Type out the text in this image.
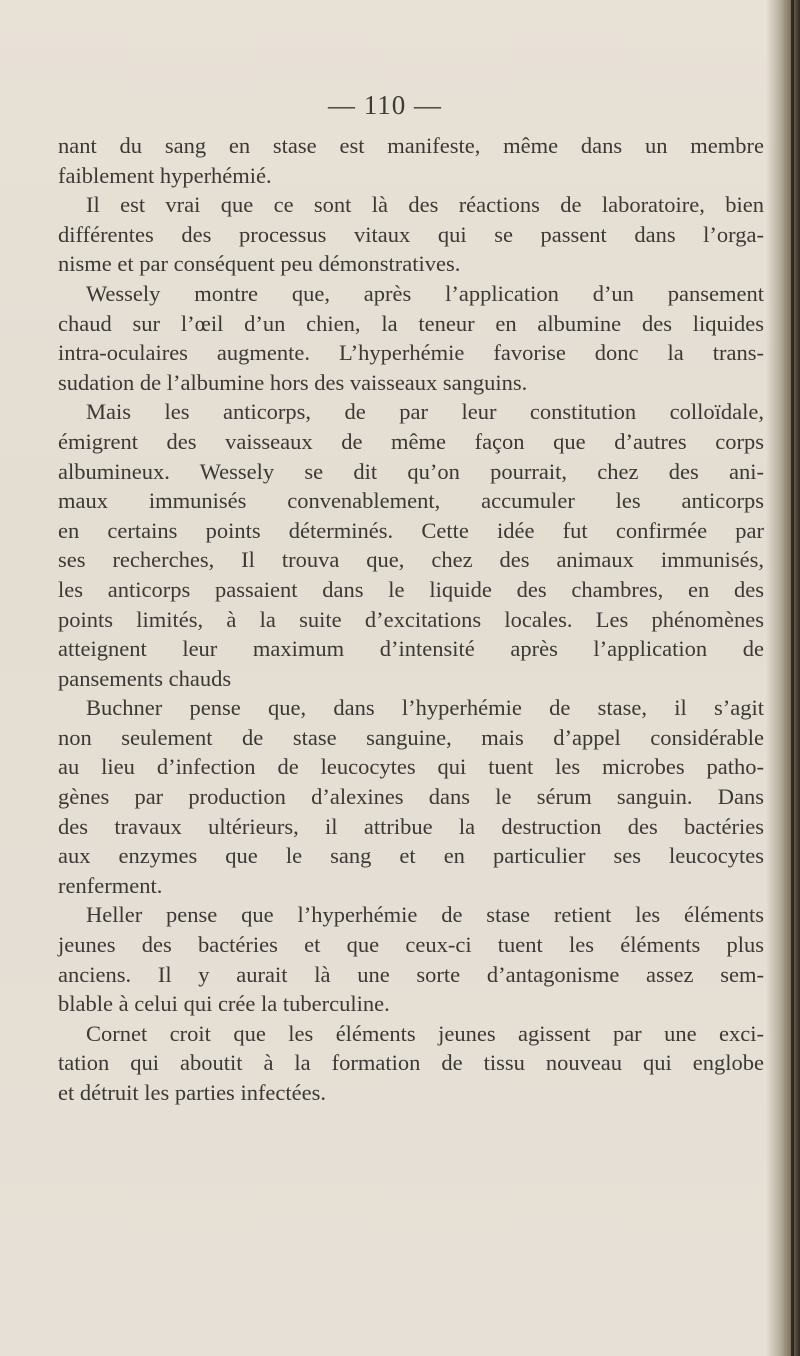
— 110 —
nant du sang en stase est manifeste, même dans un membre
faiblement hyperhémié.
Il est vrai que ce sont là des réactions de laboratoire, bien
différentes des processus vitaux qui se passent dans l’orga-
nisme et par conséquent peu démonstratives.
Wessely montre que, après l’application d’un pansement
chaud sur l’œil d’un chien, la teneur en albumine des liquides
intra-oculaires augmente. L’hyperhémie favorise donc la trans-
sudation de l’albumine hors des vaisseaux sanguins.
Mais les anticorps, de par leur constitution colloïdale,
émigrent des vaisseaux de même façon que d’autres corps
albumineux. Wessely se dit qu’on pourrait, chez des ani-
maux immunisés convenablement, accumuler les anticorps
en certains points déterminés. Cette idée fut confirmée par
ses recherches, Il trouva que, chez des animaux immunisés,
les anticorps passaient dans le liquide des chambres, en des
points limités, à la suite d’excitations locales. Les phénomènes
atteignent leur maximum d’intensité après l’application de
pansements chauds
Buchner pense que, dans l’hyperhémie de stase, il s’agit
non seulement de stase sanguine, mais d’appel considérable
au lieu d’infection de leucocytes qui tuent les microbes patho-
gènes par production d’alexines dans le sérum sanguin. Dans
des travaux ultérieurs, il attribue la destruction des bactéries
aux enzymes que le sang et en particulier ses leucocytes
renferment.
Heller pense que l’hyperhémie de stase retient les éléments
jeunes des bactéries et que ceux-ci tuent les éléments plus
anciens. Il y aurait là une sorte d’antagonisme assez sem-
blable à celui qui crée la tuberculine.
Cornet croit que les éléments jeunes agissent par une exci-
tation qui aboutit à la formation de tissu nouveau qui englobe
et détruit les parties infectées.
